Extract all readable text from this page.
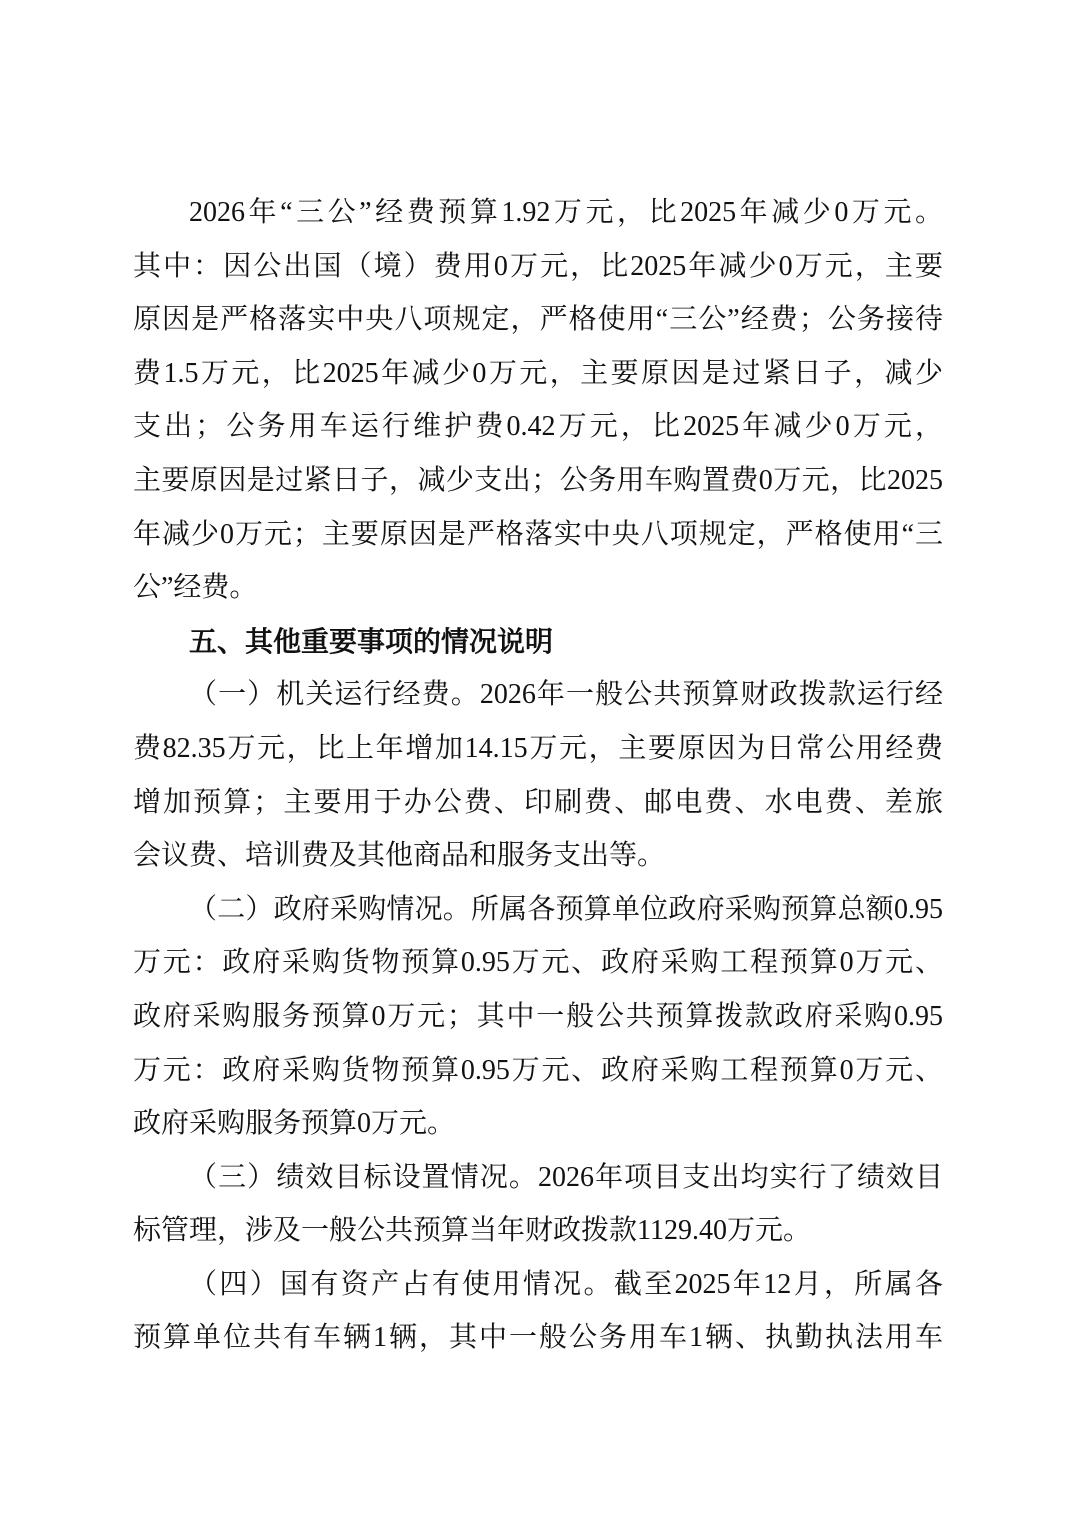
2026年“三公”经费预算1.92万元，比2025年减少0万元。
其中：因公出国（境）费用0万元，比2025年减少0万元，主要
原因是严格落实中央八项规定，严格使用“三公”经费；公务接待
费1.5万元，比2025年减少0万元，主要原因是过紧日子，减少
支出；公务用车运行维护费0.42万元，比2025年减少0万元，
主要原因是过紧日子，减少支出；公务用车购置费0万元，比2025
年减少0万元；主要原因是严格落实中央八项规定，严格使用“三
公”经费。
五、其他重要事项的情况说明
（一）机关运行经费。2026年一般公共预算财政拨款运行经
费82.35万元，比上年增加14.15万元，主要原因为日常公用经费
增加预算；主要用于办公费、印刷费、邮电费、水电费、差旅
会议费、培训费及其他商品和服务支出等。
（二）政府采购情况。所属各预算单位政府采购预算总额0.95
万元：政府采购货物预算0.95万元、政府采购工程预算0万元、
政府采购服务预算0万元；其中一般公共预算拨款政府采购0.95
万元：政府采购货物预算0.95万元、政府采购工程预算0万元、
政府采购服务预算0万元。
（三）绩效目标设置情况。2026年项目支出均实行了绩效目
标管理，涉及一般公共预算当年财政拨款1129.40万元。
（四）国有资产占有使用情况。截至2025年12月，所属各
预算单位共有车辆1辆，其中一般公务用车1辆、执勤执法用车
